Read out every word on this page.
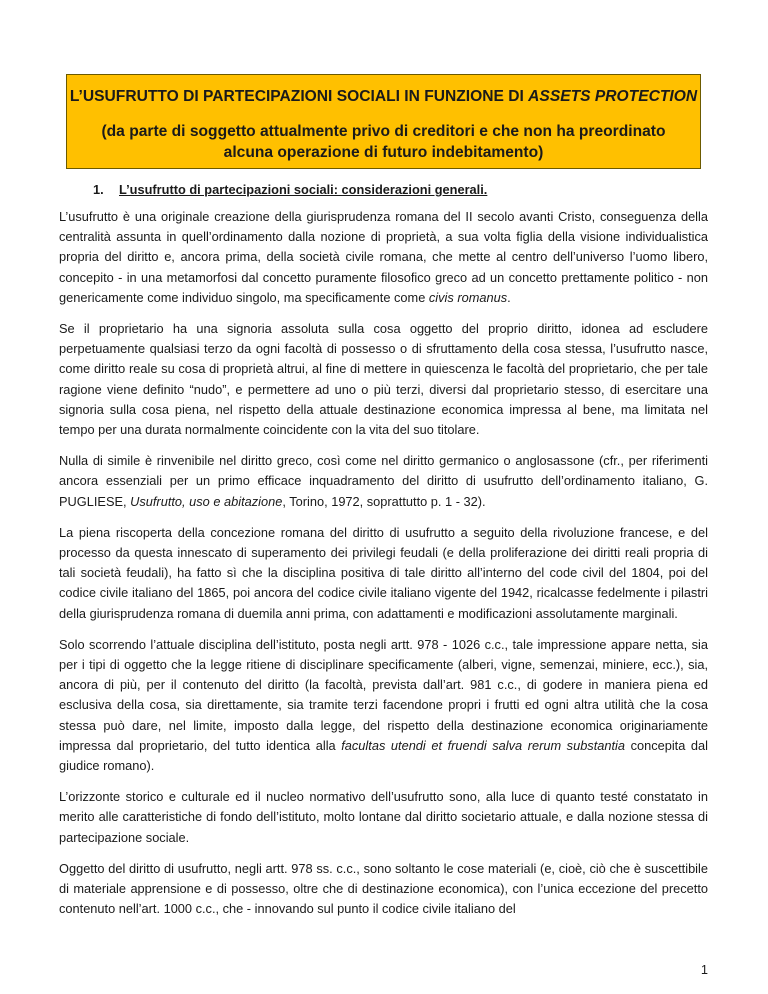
L’USUFRUTTO DI PARTECIPAZIONI SOCIALI IN FUNZIONE DI ASSETS PROTECTION
(da parte di soggetto attualmente privo di creditori e che non ha preordinato alcuna operazione di futuro indebitamento)
1. L’usufrutto di partecipazioni sociali: considerazioni generali.

L’usufrutto è una originale creazione della giurisprudenza romana del II secolo avanti Cristo, conseguenza della centralità assunta in quell’ordinamento dalla nozione di proprietà, a sua volta figlia della visione individualistica propria del diritto e, ancora prima, della società civile romana, che mette al centro dell’universo l’uomo libero, concepito - in una metamorfosi dal concetto puramente filosofico greco ad un concetto prettamente politico - non genericamente come individuo singolo, ma specificamente come civis romanus.

Se il proprietario ha una signoria assoluta sulla cosa oggetto del proprio diritto, idonea ad escludere perpetuamente qualsiasi terzo da ogni facoltà di possesso o di sfruttamento della cosa stessa, l’usufrutto nasce, come diritto reale su cosa di proprietà altrui, al fine di mettere in quiescenza le facoltà del proprietario, che per tale ragione viene definito “nudo”, e permettere ad uno o più terzi, diversi dal proprietario stesso, di esercitare una signoria sulla cosa piena, nel rispetto della attuale destinazione economica impressa al bene, ma limitata nel tempo per una durata normalmente coincidente con la vita del suo titolare.

Nulla di simile è rinvenibile nel diritto greco, così come nel diritto germanico o anglosassone (cfr., per riferimenti ancora essenziali per un primo efficace inquadramento del diritto di usufrutto dell’ordinamento italiano, G. PUGLIESE, Usufrutto, uso e abitazione, Torino, 1972, soprattutto p. 1 - 32).

La piena riscoperta della concezione romana del diritto di usufrutto a seguito della rivoluzione francese, e del processo da questa innescato di superamento dei privilegi feudali (e della proliferazione dei diritti reali propria di tali società feudali), ha fatto sì che la disciplina positiva di tale diritto all’interno del code civil del 1804, poi del codice civile italiano del 1865, poi ancora del codice civile italiano vigente del 1942, ricalcasse fedelmente i pilastri della giurisprudenza romana di duemila anni prima, con adattamenti e modificazioni assolutamente marginali.

Solo scorrendo l’attuale disciplina dell’istituto, posta negli artt. 978 - 1026 c.c., tale impressione appare netta, sia per i tipi di oggetto che la legge ritiene di disciplinare specificamente (alberi, vigne, semenzai, miniere, ecc.), sia, ancora di più, per il contenuto del diritto (la facoltà, prevista dall’art. 981 c.c., di godere in maniera piena ed esclusiva della cosa, sia direttamente, sia tramite terzi facendone propri i frutti ed ogni altra utilità che la cosa stessa può dare, nel limite, imposto dalla legge, del rispetto della destinazione economica originariamente impressa dal proprietario, del tutto identica alla facultas utendi et fruendi salva rerum substantia concepita dal giudice romano).

L’orizzonte storico e culturale ed il nucleo normativo dell’usufrutto sono, alla luce di quanto testé constatato in merito alle caratteristiche di fondo dell’istituto, molto lontane dal diritto societario attuale, e dalla nozione stessa di partecipazione sociale.

Oggetto del diritto di usufrutto, negli artt. 978 ss. c.c., sono soltanto le cose materiali (e, cioè, ciò che è suscettibile di materiale apprensione e di possesso, oltre che di destinazione economica), con l’unica eccezione del precetto contenuto nell’art. 1000 c.c., che - innovando sul punto il codice civile italiano del

1
